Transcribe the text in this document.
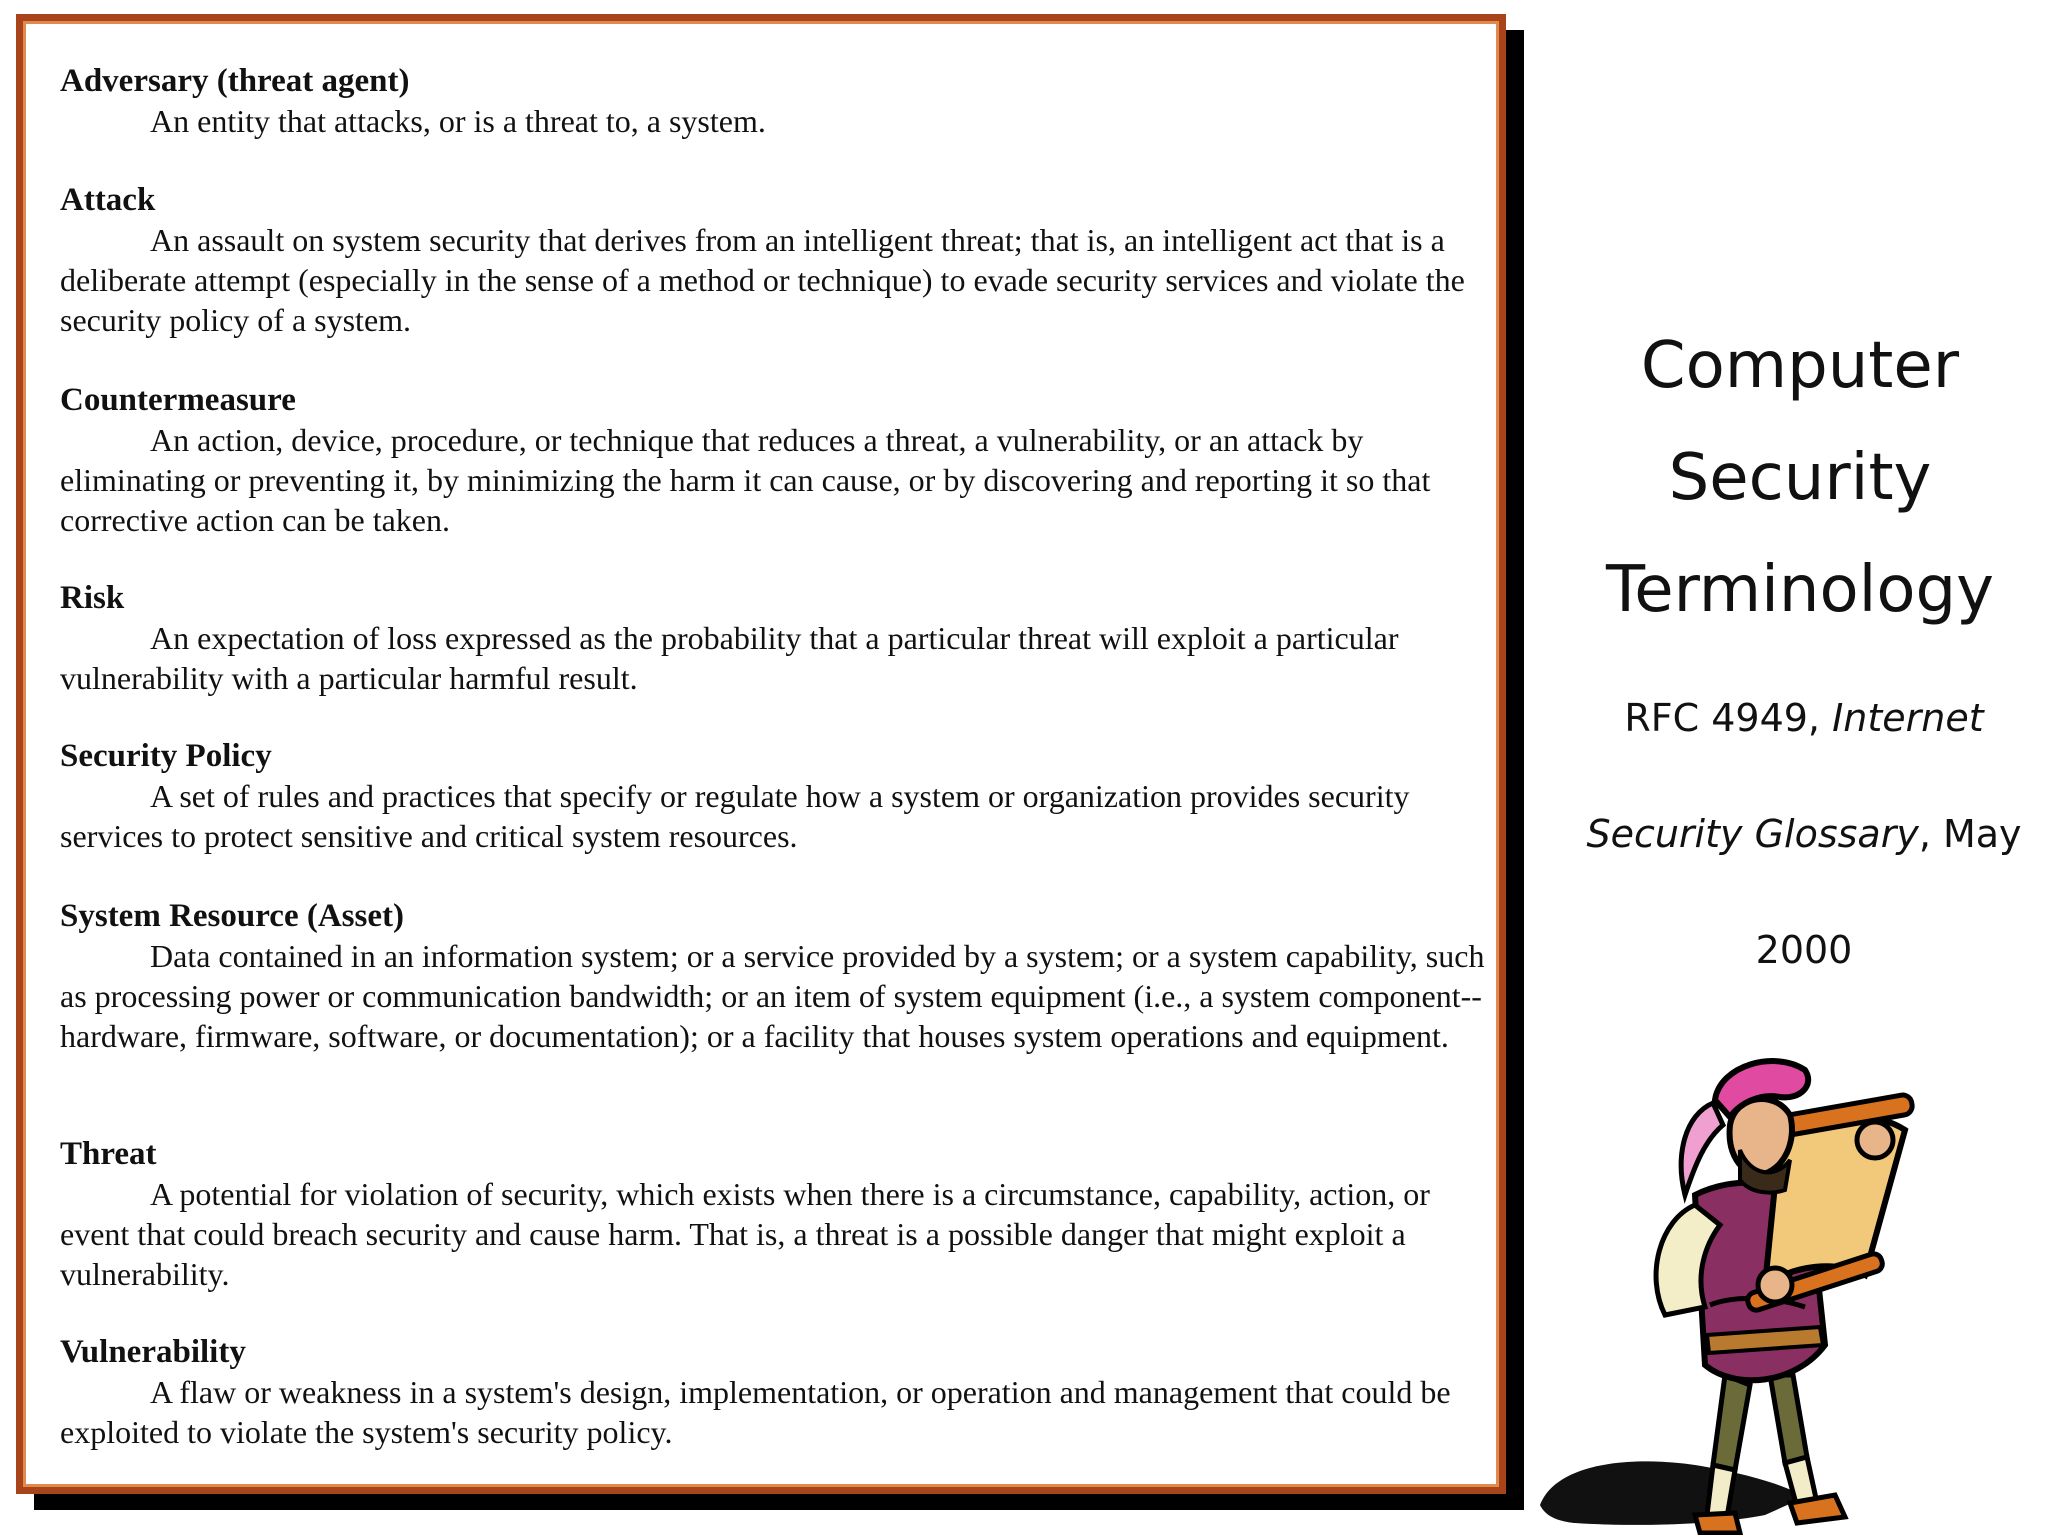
Adversary (threat agent)

An entity that attacks, or is a threat to, a system.

Attack

An assault on system security that derives from an intelligent threat; that is, an intelligent act that is a deliberate attempt (especially in the sense of a method or technique) to evade security services and violate the security policy of a system.

Countermeasure

An action, device, procedure, or technique that reduces a threat, a vulnerability, or an attack by eliminating or preventing it, by minimizing the harm it can cause, or by discovering and reporting it so that corrective action can be taken.

Risk

An expectation of loss expressed as the probability that a particular threat will exploit a particular vulnerability with a particular harmful result.

Security Policy

A set of rules and practices that specify or regulate how a system or organization provides security services to protect sensitive and critical system resources.

System Resource (Asset)

Data contained in an information system; or a service provided by a system; or a system capability, such as processing power or communication bandwidth; or an item of system equipment (i.e., a system component--hardware, firmware, software, or documentation); or a facility that houses system operations and equipment.

Threat

A potential for violation of security, which exists when there is a circumstance, capability, action, or event that could breach security and cause harm. That is, a threat is a possible danger that might exploit a vulnerability.

Vulnerability

A flaw or weakness in a system's design, implementation, or operation and management that could be exploited to violate the system's security policy.

Computer
Security
Terminology
RFC 4949, Internet
Security Glossary, May
2000
